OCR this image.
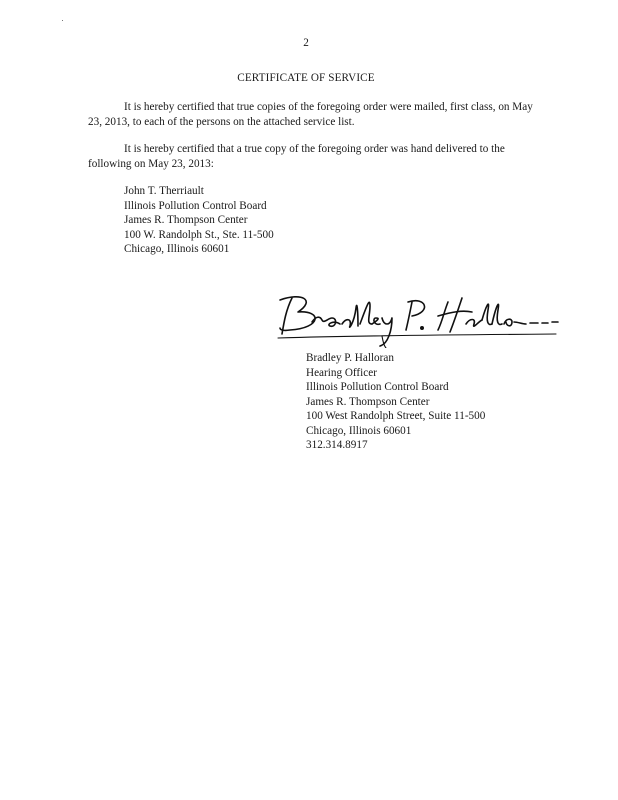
2
CERTIFICATE OF SERVICE
It is hereby certified that true copies of the foregoing order were mailed, first class, on May 23, 2013, to each of the persons on the attached service list.
It is hereby certified that a true copy of the foregoing order was hand delivered to the following on May 23, 2013:
John T. Therriault
Illinois Pollution Control Board
James R. Thompson Center
100 W. Randolph St., Ste. 11-500
Chicago, Illinois 60601
Bradley P. Halloran
Hearing Officer
Illinois Pollution Control Board
James R. Thompson Center
100 West Randolph Street, Suite 11-500
Chicago, Illinois 60601
312.314.8917
